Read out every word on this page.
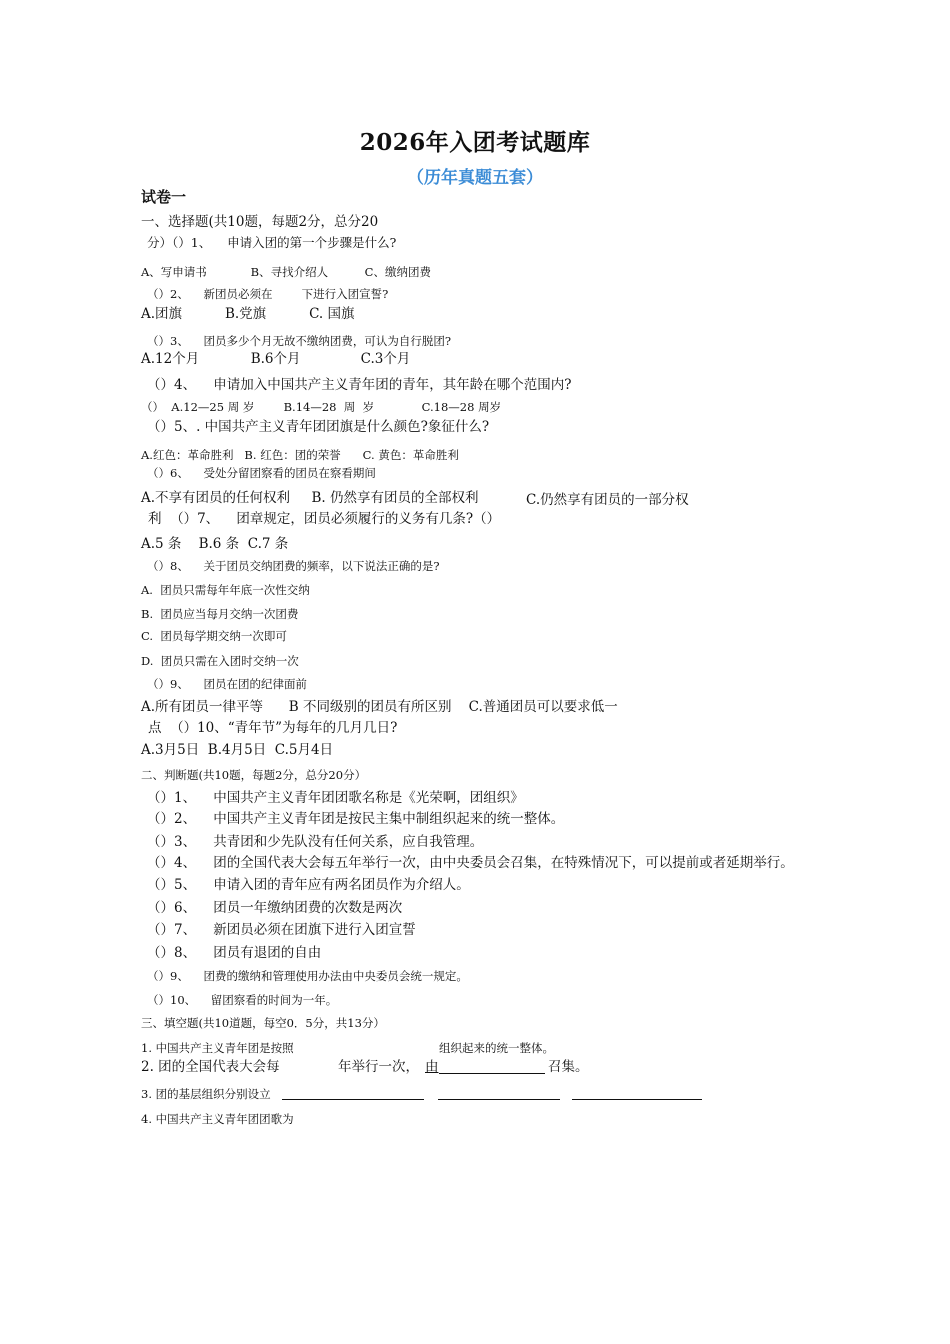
2026年入团考试题库
（历年真题五套）
试卷一
一、选择题(共10题，每题2分，总分20
分）（）1、    申请入团的第一个步骤是什么?
A、写申请书            B、寻找介绍人          C、缴纳团费
（）2、    新团员必须在        下进行入团宣誓?
A.团旗          B.党旗          C. 国旗
（）3、    团员多少个月无故不缴纳团费，可认为自行脱团?
A.12个月            B.6个月              C.3个月
（）4、    申请加入中国共产主义青年团的青年，其年龄在哪个范围内?
（）  A.12—25 周 岁        B.14—28  周  岁             C.18—28 周岁
（）5、. 中国共产主义青年团团旗是什么颜色?象征什么?
A.红色：革命胜利   B. 红色：团的荣誉      C. 黄色：革命胜利
（）6、    受处分留团察看的团员在察看期间
A.不享有团员的任何权利     B. 仍然享有团员的全部权利	C.仍然享有团员的一部分权
利  （）7、    团章规定，团员必须履行的义务有几条?（）
A.5 条    B.6 条  C.7 条
（）8、    关于团员交纳团费的频率，以下说法正确的是?
A.  团员只需每年年底一次性交纳
B.  团员应当每月交纳一次团费
C.  团员每学期交纳一次即可
D.  团员只需在入团时交纳一次
（）9、    团员在团的纪律面前
A.所有团员一律平等      B 不同级别的团员有所区别    C.普通团员可以要求低一
点  （）10、“青年节”为每年的几月几日?
A.3月5日  B.4月5日  C.5月4日
二、判断题(共10题，每题2分，总分20分）
（）1、    中国共产主义青年团团歌名称是《光荣啊，团组织》
（）2、    中国共产主义青年团是按民主集中制组织起来的统一整体。
（）3、    共青团和少先队没有任何关系，应自我管理。
（）4、    团的全国代表大会每五年举行一次，由中央委员会召集，在特殊情况下，可以提前或者延期举行。
（）5、    申请入团的青年应有两名团员作为介绍人。
（）6、    团员一年缴纳团费的次数是两次
（）7、    新团员必须在团旗下进行入团宣誓
（）8、    团员有退团的自由
（）9、    团费的缴纳和管理使用办法由中央委员会统一规定。
（）10、    留团察看的时间为一年。
三、填空题(共10道题，每空0．5分，共13分）
1. 中国共产主义青年团是按照	组织起来的统一整体。
2. 团的全国代表大会每	年举行一次， 由	召集。
3. 团的基层组织分别设立
4. 中国共产主义青年团团歌为
